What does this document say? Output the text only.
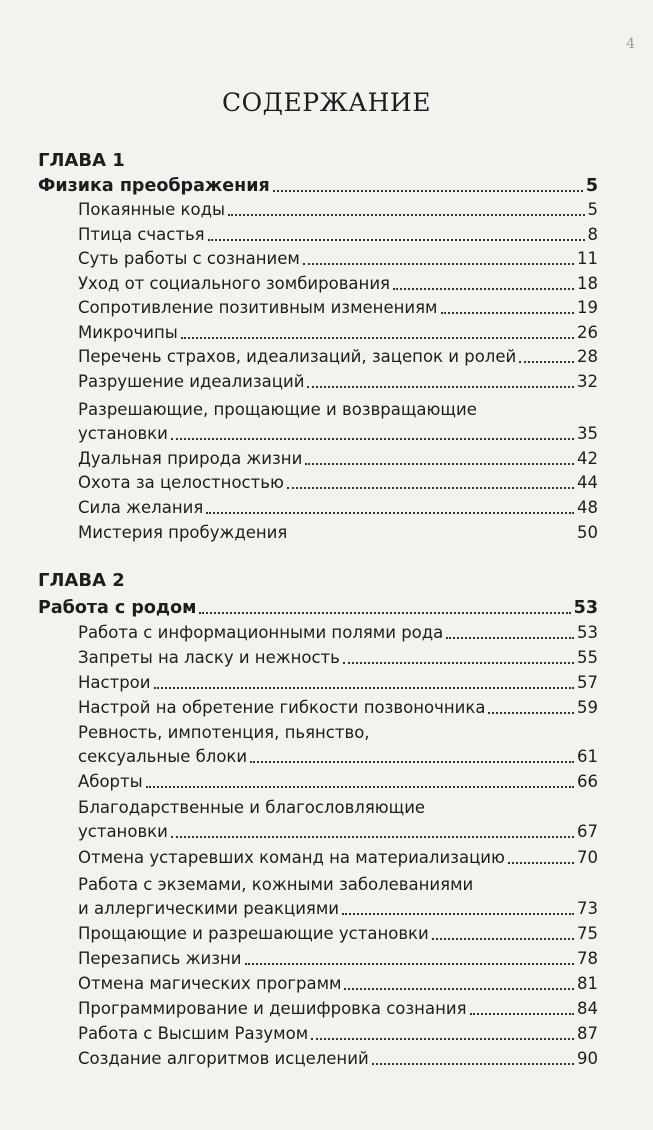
4
СОДЕРЖАНИЕ
ГЛАВА 1
Физика преображения	5
Покаянные коды	5
Птица счастья	8
Суть работы с сознанием	11
Уход от социального зомбирования	18
Сопротивление позитивным изменениям	19
Микрочипы	26
Перечень страхов, идеализаций, зацепок и ролей	28
Разрушение идеализаций	32
Разрешающие, прощающие и возвращающие
установки	35
Дуальная природа жизни	42
Охота за целостностью	44
Сила желания	48
Мистерия пробуждения	50
ГЛАВА 2
Работа с родом	53
Работа с информационными полями рода	53
Запреты на ласку и нежность	55
Настрои	57
Настрой на обретение гибкости позвоночника	59
Ревность, импотенция, пьянство,
сексуальные блоки	61
Аборты	66
Благодарственные и благословляющие
установки	67
Отмена устаревших команд на материализацию	70
Работа с экземами, кожными заболеваниями
и аллергическими реакциями	73
Прощающие и разрешающие установки	75
Перезапись жизни	78
Отмена магических программ	81
Программирование и дешифровка сознания	84
Работа с Высшим Разумом	87
Создание алгоритмов исцелений	90
